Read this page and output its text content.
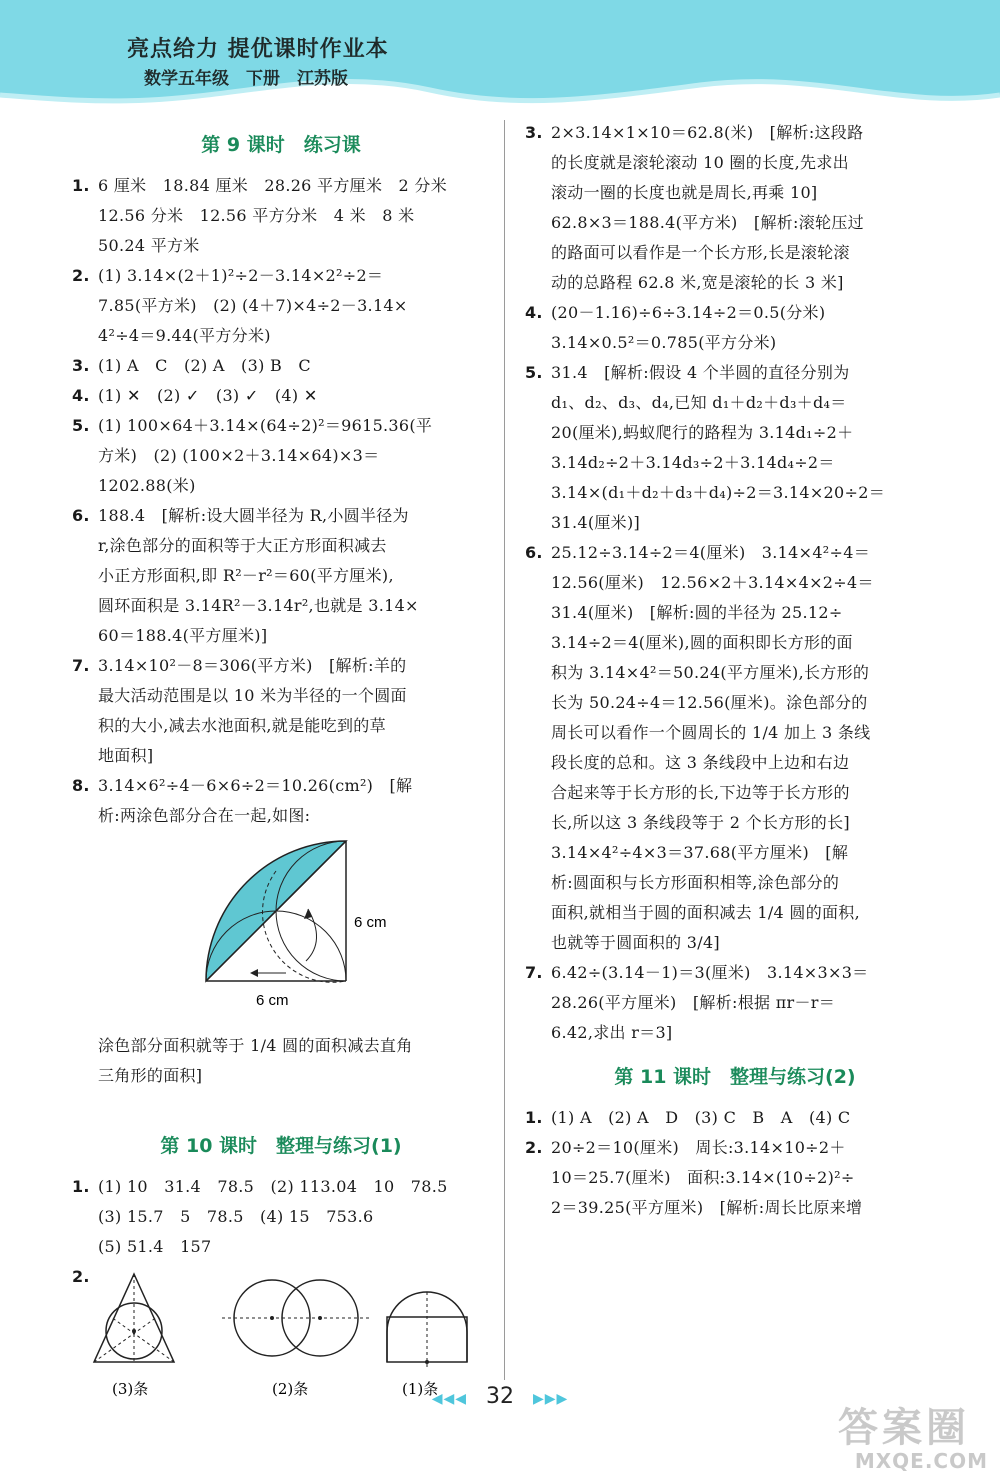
亮点给力 提优课时作业本
数学五年级　下册　江苏版
第 9 课时　练习课
1. 6 厘米　18.84 厘米　28.26 平方厘米　2 分米

12.56 分米　12.56 平方分米　4 米　8 米

50.24 平方米

2. (1) 3.14×(2＋1)²÷2－3.14×2²÷2＝

7.85(平方米)　(2) (4＋7)×4÷2－3.14×

4²÷4＝9.44(平方分米)

3. (1) A　C　(2) A　(3) B　C

4. (1) ✕　(2) ✓　(3) ✓　(4) ✕

5. (1) 100×64＋3.14×(64÷2)²＝9615.36(平

方米)　(2) (100×2＋3.14×64)×3＝

1202.88(米)

6. 188.4　[解析:设大圆半径为 R,小圆半径为

r,涂色部分的面积等于大正方形面积减去

小正方形面积,即 R²－r²＝60(平方厘米),

圆环面积是 3.14R²－3.14r²,也就是 3.14×

60＝188.4(平方厘米)]

7. 3.14×10²－8＝306(平方米)　[解析:羊的

最大活动范围是以 10 米为半径的一个圆面

积的大小,减去水池面积,就是能吃到的草

地面积]

8. 3.14×6²÷4－6×6÷2＝10.26(cm²)　[解

析:两涂色部分合在一起,如图:

6 cm
6 cm

涂色部分面积就等于 1/4 圆的面积减去直角

三角形的面积]

第 10 课时　整理与练习(1)
1. (1) 10　31.4　78.5　(2) 113.04　10　78.5

(3) 15.7　5　78.5　(4) 15　753.6

(5) 51.4　157

2.

(3)条	(2)条	(1)条
3. 2×3.14×1×10＝62.8(米)　[解析:这段路

的长度就是滚轮滚动 10 圈的长度,先求出

滚动一圈的长度也就是周长,再乘 10]

62.8×3＝188.4(平方米)　[解析:滚轮压过

的路面可以看作是一个长方形,长是滚轮滚

动的总路程 62.8 米,宽是滚轮的长 3 米]

4. (20－1.16)÷6÷3.14÷2＝0.5(分米)

3.14×0.5²＝0.785(平方分米)

5. 31.4　[解析:假设 4 个半圆的直径分别为

d₁、d₂、d₃、d₄,已知 d₁＋d₂＋d₃＋d₄＝

20(厘米),蚂蚁爬行的路程为 3.14d₁÷2＋

3.14d₂÷2＋3.14d₃÷2＋3.14d₄÷2＝

3.14×(d₁＋d₂＋d₃＋d₄)÷2＝3.14×20÷2＝

31.4(厘米)]

6. 25.12÷3.14÷2＝4(厘米)　3.14×4²÷4＝

12.56(厘米)　12.56×2＋3.14×4×2÷4＝

31.4(厘米)　[解析:圆的半径为 25.12÷

3.14÷2＝4(厘米),圆的面积即长方形的面

积为 3.14×4²＝50.24(平方厘米),长方形的

长为 50.24÷4＝12.56(厘米)。涂色部分的

周长可以看作一个圆周长的 1/4 加上 3 条线

段长度的总和。这 3 条线段中上边和右边

合起来等于长方形的长,下边等于长方形的

长,所以这 3 条线段等于 2 个长方形的长]

3.14×4²÷4×3＝37.68(平方厘米)　[解

析:圆面积与长方形面积相等,涂色部分的

面积,就相当于圆的面积减去 1/4 圆的面积,

也就等于圆面积的 3/4]

7. 6.42÷(3.14－1)＝3(厘米)　3.14×3×3＝

28.26(平方厘米)　[解析:根据 πr－r＝

6.42,求出 r＝3]

第 11 课时　整理与练习(2)
1. (1) A　(2) A　D　(3) C　B　A　(4) C

2. 20÷2＝10(厘米)　周长:3.14×10÷2＋

10＝25.7(厘米)　面积:3.14×(10÷2)²÷

2＝39.25(平方厘米)　[解析:周长比原来增

◀◀◀ 32 ▶▶▶
答案圈
MXQE.COM
